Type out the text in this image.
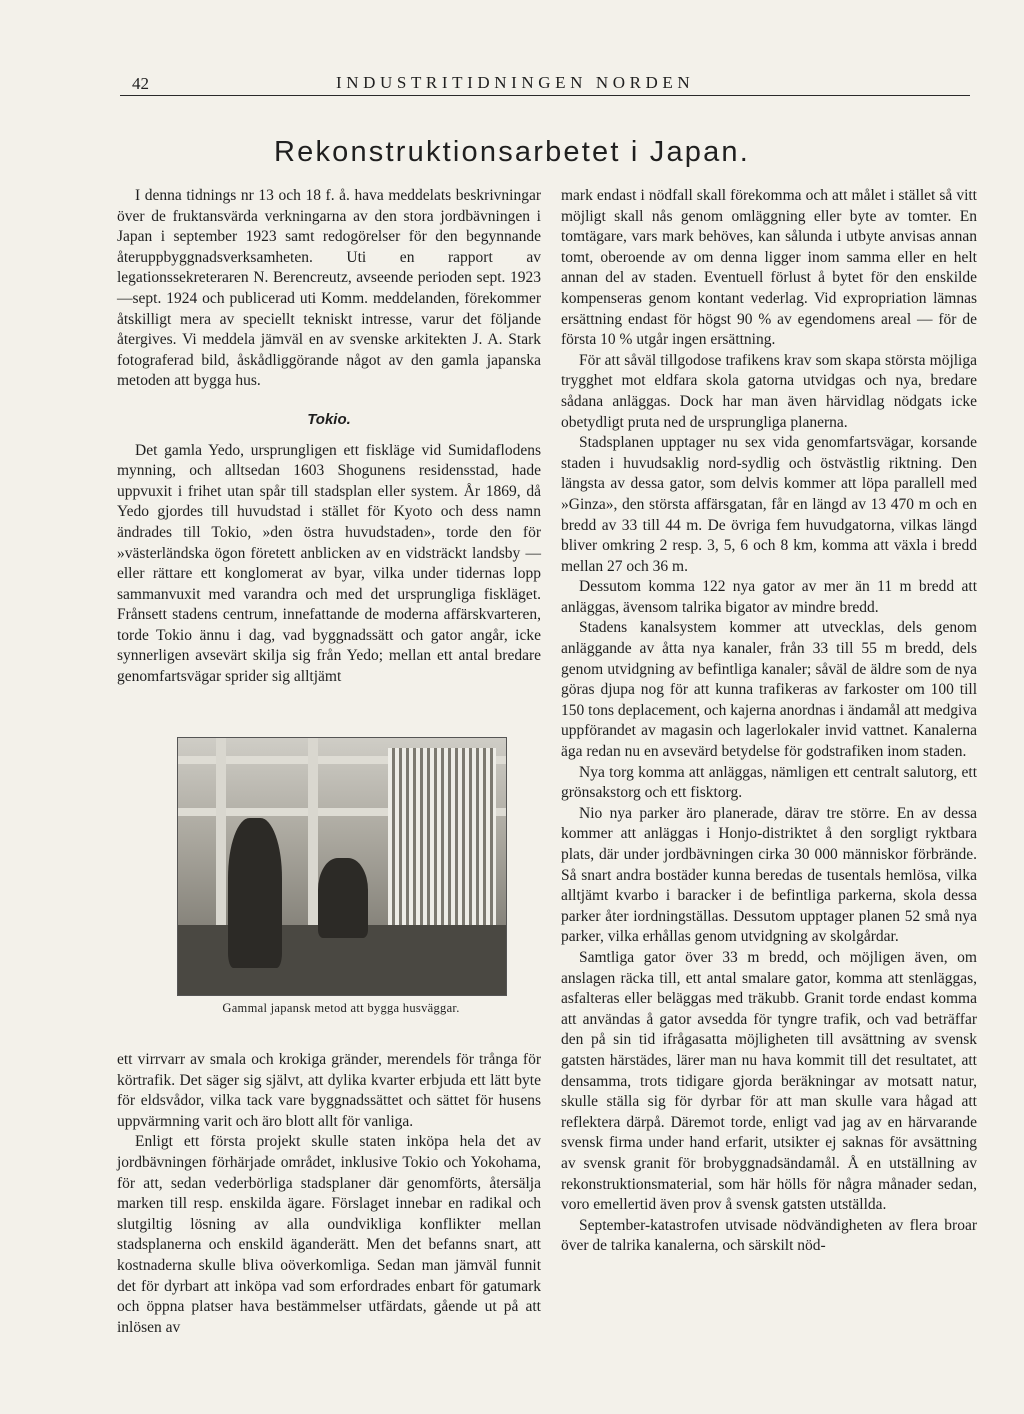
42	INDUSTRITIDNINGEN NORDEN
Rekonstruktionsarbetet i Japan.

I denna tidnings nr 13 och 18 f. å. hava meddelats beskrivningar över de fruktansvärda verkningarna av den stora jordbävningen i Japan i september 1923 samt redogörelser för den begynnande återuppbyggnadsverksamheten. Uti en rapport av legationssekreteraren N. Berencreutz, avseende perioden sept. 1923—sept. 1924 och publicerad uti Komm. meddelanden, förekommer åtskilligt mera av speciellt tekniskt intresse, varur det följande återgives. Vi meddela jämväl en av svenske arkitekten J. A. Stark fotograferad bild, åskådliggörande något av den gamla japanska metoden att bygga hus.

Tokio.

Det gamla Yedo, ursprungligen ett fiskläge vid Sumidaflodens mynning, och alltsedan 1603 Shogunens residensstad, hade uppvuxit i frihet utan spår till stadsplan eller system. År 1869, då Yedo gjordes till huvudstad i stället för Kyoto och dess namn ändrades till Tokio, »den östra huvudstaden», torde den för »västerländska ögon företett anblicken av en vidsträckt landsby — eller rättare ett konglomerat av byar, vilka under tidernas lopp sammanvuxit med varandra och med det ursprungliga fiskläget. Frånsett stadens centrum, innefattande de moderna affärskvarteren, torde Tokio ännu i dag, vad byggnadssätt och gator angår, icke synnerligen avsevärt skilja sig från Yedo; mellan ett antal bredare genomfartsvägar sprider sig alltjämt

Gammal japansk metod att bygga husväggar.

ett virrvarr av smala och krokiga gränder, merendels för trånga för körtrafik. Det säger sig självt, att dylika kvarter erbjuda ett lätt byte för eldsvådor, vilka tack vare byggnadssättet och sättet för husens uppvärmning varit och äro blott allt för vanliga.

Enligt ett första projekt skulle staten inköpa hela det av jordbävningen förhärjade området, inklusive Tokio och Yokohama, för att, sedan vederbörliga stadsplaner där genomförts, återsälja marken till resp. enskilda ägare. Förslaget innebar en radikal och slutgiltig lösning av alla oundvikliga konflikter mellan stadsplanerna och enskild äganderätt. Men det befanns snart, att kostnaderna skulle bliva oöverkomliga. Sedan man jämväl funnit det för dyrbart att inköpa vad som erfordrades enbart för gatumark och öppna platser hava bestämmelser utfärdats, gående ut på att inlösen av

mark endast i nödfall skall förekomma och att målet i stället så vitt möjligt skall nås genom omläggning eller byte av tomter. En tomtägare, vars mark behöves, kan sålunda i utbyte anvisas annan tomt, oberoende av om denna ligger inom samma eller en helt annan del av staden. Eventuell förlust å bytet för den enskilde kompenseras genom kontant vederlag. Vid expropriation lämnas ersättning endast för högst 90 % av egendomens areal — för de första 10 % utgår ingen ersättning.

För att såväl tillgodose trafikens krav som skapa största möjliga trygghet mot eldfara skola gatorna utvidgas och nya, bredare sådana anläggas. Dock har man även härvidlag nödgats icke obetydligt pruta ned de ursprungliga planerna.

Stadsplanen upptager nu sex vida genomfartsvägar, korsande staden i huvudsaklig nord-sydlig och östvästlig riktning. Den längsta av dessa gator, som delvis kommer att löpa parallell med »Ginza», den största affärsgatan, får en längd av 13 470 m och en bredd av 33 till 44 m. De övriga fem huvudgatorna, vilkas längd bliver omkring 2 resp. 3, 5, 6 och 8 km, komma att växla i bredd mellan 27 och 36 m.

Dessutom komma 122 nya gator av mer än 11 m bredd att anläggas, ävensom talrika bigator av mindre bredd.

Stadens kanalsystem kommer att utvecklas, dels genom anläggande av åtta nya kanaler, från 33 till 55 m bredd, dels genom utvidgning av befintliga kanaler; såväl de äldre som de nya göras djupa nog för att kunna trafikeras av farkoster om 100 till 150 tons deplacement, och kajerna anordnas i ändamål att medgiva uppförandet av magasin och lagerlokaler invid vattnet. Kanalerna äga redan nu en avsevärd betydelse för godstrafiken inom staden.

Nya torg komma att anläggas, nämligen ett centralt salutorg, ett grönsakstorg och ett fisktorg.

Nio nya parker äro planerade, därav tre större. En av dessa kommer att anläggas i Honjo-distriktet å den sorgligt ryktbara plats, där under jordbävningen cirka 30 000 människor förbrände. Så snart andra bostäder kunna beredas de tusentals hemlösa, vilka alltjämt kvarbo i baracker i de befintliga parkerna, skola dessa parker åter iordningställas. Dessutom upptager planen 52 små nya parker, vilka erhållas genom utvidgning av skolgårdar.

Samtliga gator över 33 m bredd, och möjligen även, om anslagen räcka till, ett antal smalare gator, komma att stenläggas, asfalteras eller beläggas med träkubb. Granit torde endast komma att användas å gator avsedda för tyngre trafik, och vad beträffar den på sin tid ifrågasatta möjligheten till avsättning av svensk gatsten härstädes, lärer man nu hava kommit till det resultatet, att densamma, trots tidigare gjorda beräkningar av motsatt natur, skulle ställa sig för dyrbar för att man skulle vara hågad att reflektera därpå. Däremot torde, enligt vad jag av en härvarande svensk firma under hand erfarit, utsikter ej saknas för avsättning av svensk granit för brobyggnadsändamål. Å en utställning av rekonstruktionsmaterial, som här hölls för några månader sedan, voro emellertid även prov å svensk gatsten utställda.

September-katastrofen utvisade nödvändigheten av flera broar över de talrika kanalerna, och särskilt nöd-
